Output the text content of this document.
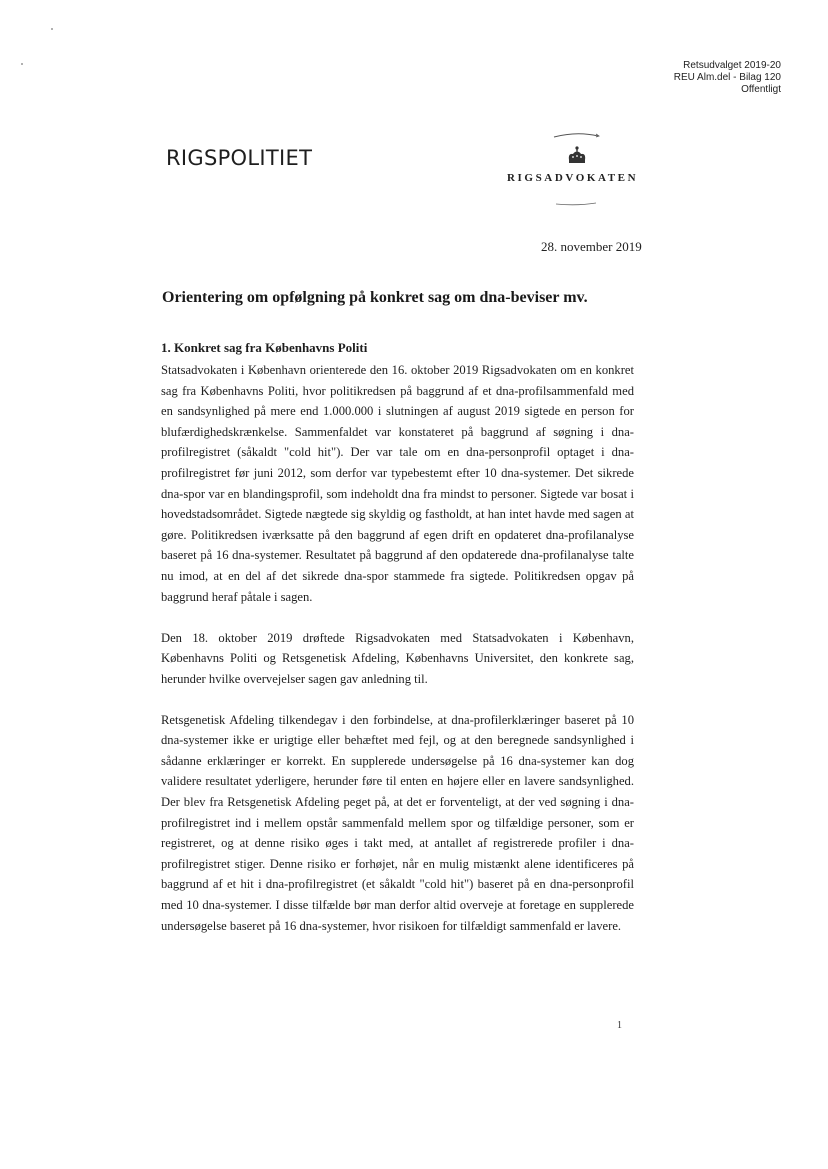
Retsudvalget 2019-20
REU Alm.del - Bilag 120
Offentligt
RIGSPOLITIET
RIGSADVOKATEN
28. november 2019
Orientering om opfølgning på konkret sag om dna-beviser mv.
1. Konkret sag fra Københavns Politi

Statsadvokaten i København orienterede den 16. oktober 2019 Rigsadvokaten om en konkret sag fra Københavns Politi, hvor politikredsen på baggrund af et dna-profilsammenfald med en sandsynlighed på mere end 1.000.000 i slutningen af august 2019 sigtede en person for blufærdighedskrænkelse. Sammenfaldet var konstateret på baggrund af søgning i dna-profilregistret (såkaldt "cold hit"). Der var tale om en dna-personprofil optaget i dna-profilregistret før juni 2012, som derfor var typebestemt efter 10 dna-systemer. Det sikrede dna-spor var en blandingsprofil, som indeholdt dna fra mindst to personer. Sigtede var bosat i hovedstadsområdet. Sigtede nægtede sig skyldig og fastholdt, at han intet havde med sagen at gøre. Politikredsen iværksatte på den baggrund af egen drift en opdateret dna-profilanalyse baseret på 16 dna-systemer. Resultatet på baggrund af den opdaterede dna-profilanalyse talte nu imod, at en del af det sikrede dna-spor stammede fra sigtede. Politikredsen opgav på baggrund heraf påtale i sagen.

Den 18. oktober 2019 drøftede Rigsadvokaten med Statsadvokaten i København, Københavns Politi og Retsgenetisk Afdeling, Københavns Universitet, den konkrete sag, herunder hvilke overvejelser sagen gav anledning til.

Retsgenetisk Afdeling tilkendegav i den forbindelse, at dna-profilerklæringer baseret på 10 dna-systemer ikke er urigtige eller behæftet med fejl, og at den beregnede sandsynlighed i sådanne erklæringer er korrekt. En supplerede undersøgelse på 16 dna-systemer kan dog validere resultatet yderligere, herunder føre til enten en højere eller en lavere sandsynlighed. Der blev fra Retsgenetisk Afdeling peget på, at det er forventeligt, at der ved søgning i dna-profilregistret ind i mellem opstår sammenfald mellem spor og tilfældige personer, som er registreret, og at denne risiko øges i takt med, at antallet af registrerede profiler i dna-profilregistret stiger. Denne risiko er forhøjet, når en mulig mistænkt alene identificeres på baggrund af et hit i dna-profilregistret (et såkaldt "cold hit") baseret på en dna-personprofil med 10 dna-systemer. I disse tilfælde bør man derfor altid overveje at foretage en supplerede undersøgelse baseret på 16 dna-systemer, hvor risikoen for tilfældigt sammenfald er lavere.

1
